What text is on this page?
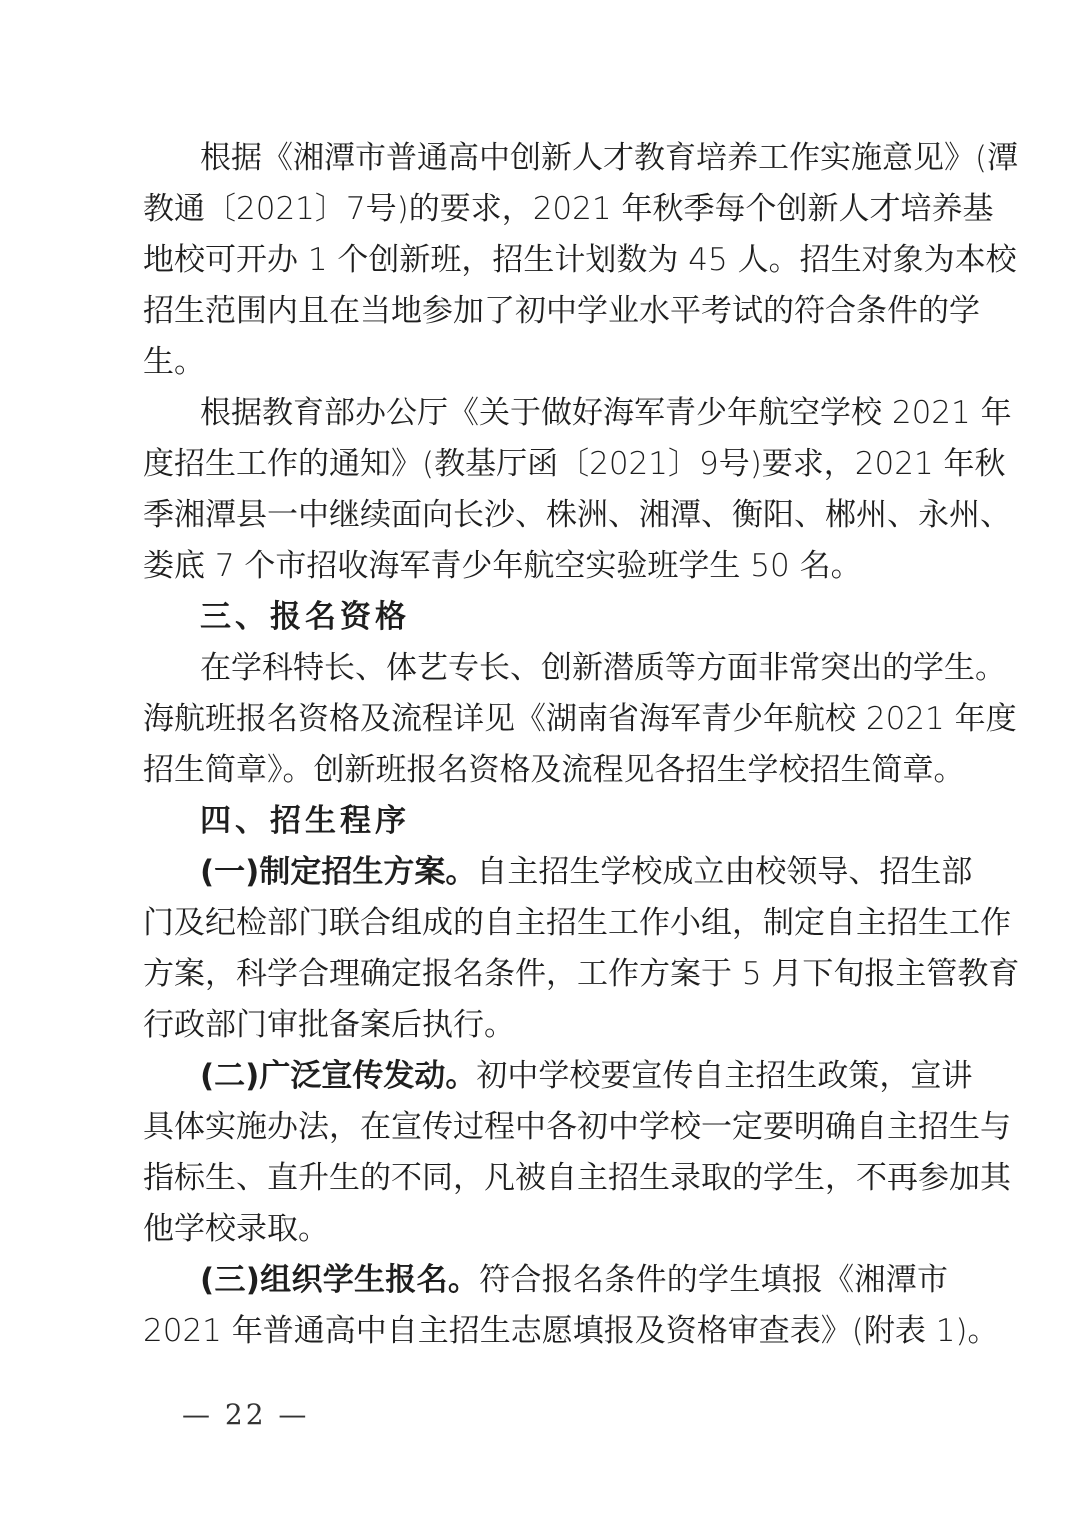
根据《湘潭市普通高中创新人才教育培养工作实施意见》(潭
教通〔2021〕7号)的要求，2021 年秋季每个创新人才培养基
地校可开办 1 个创新班，招生计划数为 45 人。招生对象为本校
招生范围内且在当地参加了初中学业水平考试的符合条件的学
生。
根据教育部办公厅《关于做好海军青少年航空学校 2021 年
度招生工作的通知》(教基厅函〔2021〕9号)要求，2021 年秋
季湘潭县一中继续面向长沙、株洲、湘潭、衡阳、郴州、永州、
娄底 7 个市招收海军青少年航空实验班学生 50 名。
三、报名资格
在学科特长、体艺专长、创新潜质等方面非常突出的学生。
海航班报名资格及流程详见《湖南省海军青少年航校 2021 年度
招生简章》。创新班报名资格及流程见各招生学校招生简章。
四、招生程序
(一)制定招生方案。自主招生学校成立由校领导、招生部
门及纪检部门联合组成的自主招生工作小组，制定自主招生工作
方案，科学合理确定报名条件，工作方案于 5 月下旬报主管教育
行政部门审批备案后执行。
(二)广泛宣传发动。初中学校要宣传自主招生政策，宣讲
具体实施办法，在宣传过程中各初中学校一定要明确自主招生与
指标生、直升生的不同，凡被自主招生录取的学生，不再参加其
他学校录取。
(三)组织学生报名。符合报名条件的学生填报《湘潭市
2021 年普通高中自主招生志愿填报及资格审查表》(附表 1)。
— 22 —
